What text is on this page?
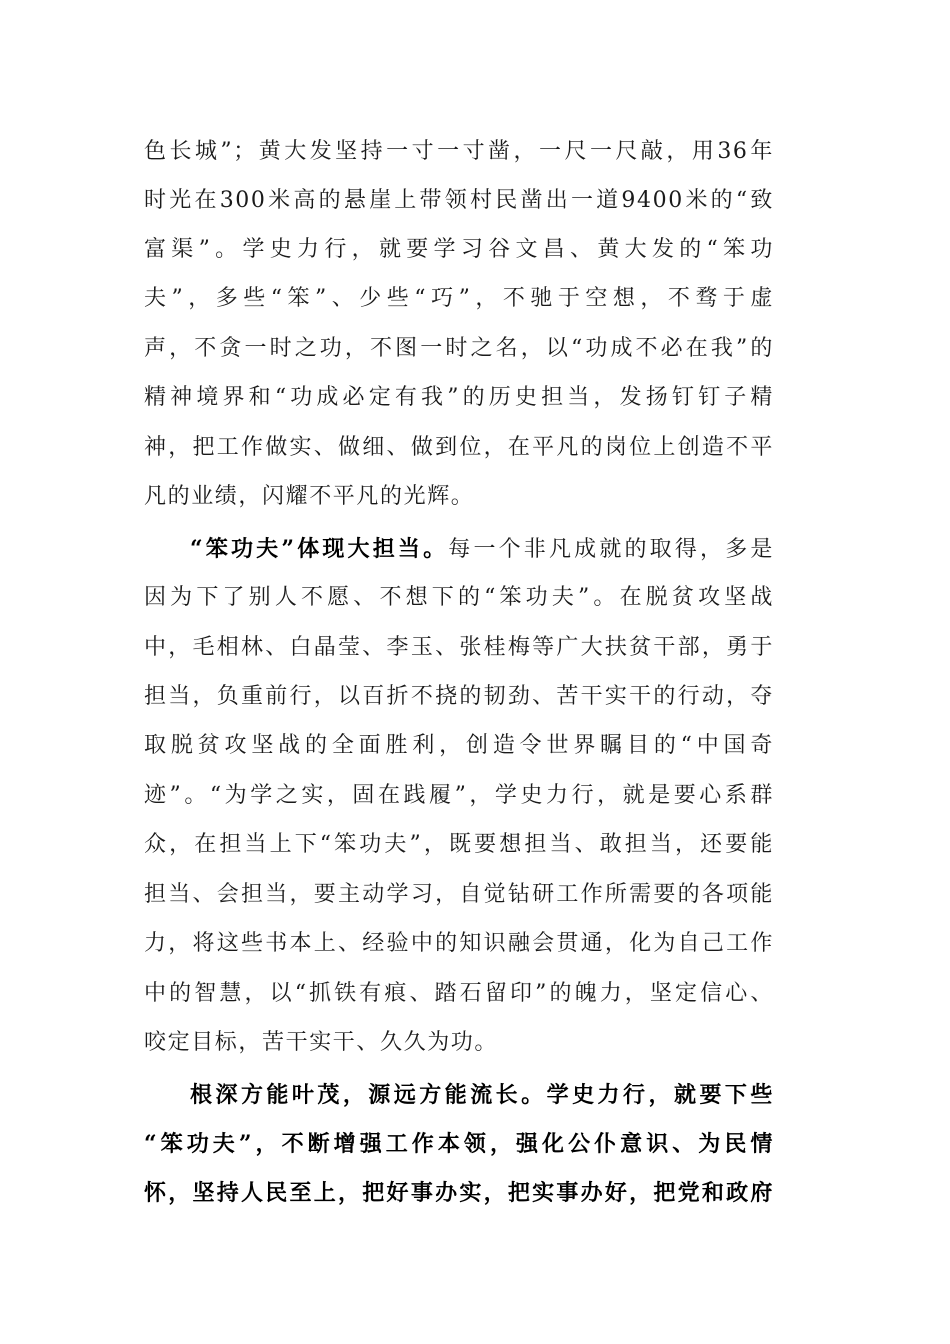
色长城”；黄大发坚持一寸一寸凿，一尺一尺敲，用36年
时光在300米高的悬崖上带领村民凿出一道9400米的“致
富渠”。学史力行，就要学习谷文昌、黄大发的“笨功
夫”，多些“笨”、少些“巧”，不驰于空想，不骛于虚
声，不贪一时之功，不图一时之名，以“功成不必在我”的
精神境界和“功成必定有我”的历史担当，发扬钉钉子精
神，把工作做实、做细、做到位，在平凡的岗位上创造不平
凡的业绩，闪耀不平凡的光辉。
“笨功夫”体现大担当。每一个非凡成就的取得，多是
因为下了别人不愿、不想下的“笨功夫”。在脱贫攻坚战
中，毛相林、白晶莹、李玉、张桂梅等广大扶贫干部，勇于
担当，负重前行，以百折不挠的韧劲、苦干实干的行动，夺
取脱贫攻坚战的全面胜利，创造令世界瞩目的“中国奇
迹”。“为学之实，固在践履”，学史力行，就是要心系群
众，在担当上下“笨功夫”，既要想担当、敢担当，还要能
担当、会担当，要主动学习，自觉钻研工作所需要的各项能
力，将这些书本上、经验中的知识融会贯通，化为自己工作
中的智慧，以“抓铁有痕、踏石留印”的魄力，坚定信心、
咬定目标，苦干实干、久久为功。
根深方能叶茂，源远方能流长。学史力行，就要下些
“笨功夫”，不断增强工作本领，强化公仆意识、为民情
怀，坚持人民至上，把好事办实，把实事办好，把党和政府
